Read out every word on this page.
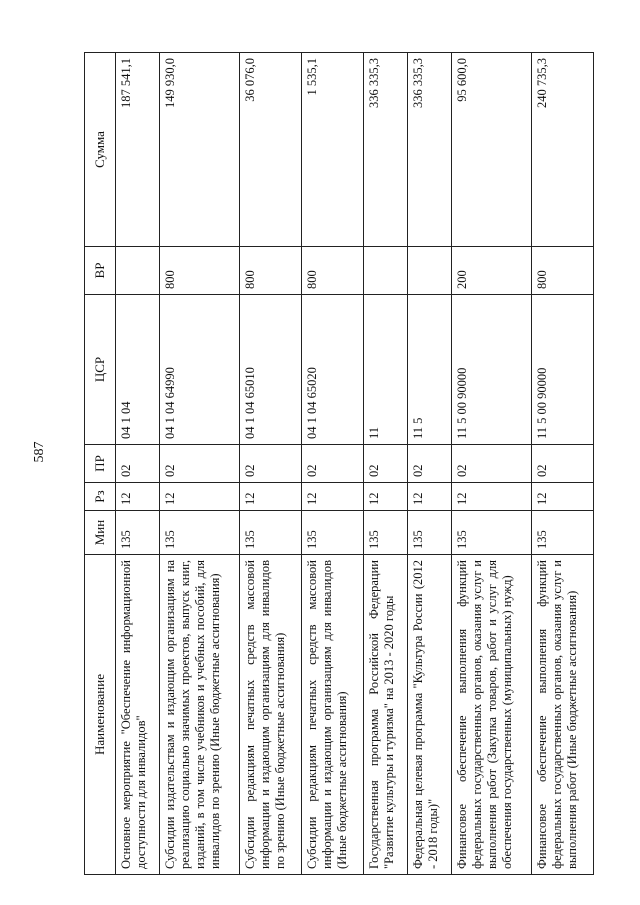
587
Наименование	Мин	Рз	ПР	ЦСР	ВР	Сумма
Основное мероприятие "Обеспечение информационной доступности для инвалидов"	135	12	02	04 1 04		187 541,1
Субсидии издательствам и издающим организациям на реализацию социально значимых проектов, выпуск книг, изданий, в том числе учебников и учебных пособий, для инвалидов по зрению (Иные бюджетные ассигнования)	135	12	02	04 1 04 64990	800	149 930,0
Субсидии редакциям печатных средств массовой информации и издающим организациям для инвалидов по зрению (Иные бюджетные ассигнования)	135	12	02	04 1 04 65010	800	36 076,0
Субсидии редакциям печатных средств массовой информации и издающим организациям для инвалидов (Иные бюджетные ассигнования)	135	12	02	04 1 04 65020	800	1 535,1
Государственная программа Российской Федерации "Развитие культуры и туризма" на 2013 - 2020 годы	135	12	02	11		336 335,3
Федеральная целевая программа "Культура России (2012 - 2018 годы)"	135	12	02	11 5		336 335,3
Финансовое обеспечение выполнения функций федеральных государственных органов, оказания услуг и выполнения работ (Закупка товаров, работ и услуг для обеспечения государственных (муниципальных) нужд)	135	12	02	11 5 00 90000	200	95 600,0
Финансовое обеспечение выполнения функций федеральных государственных органов, оказания услуг и выполнения работ (Иные бюджетные ассигнования)	135	12	02	11 5 00 90000	800	240 735,3
